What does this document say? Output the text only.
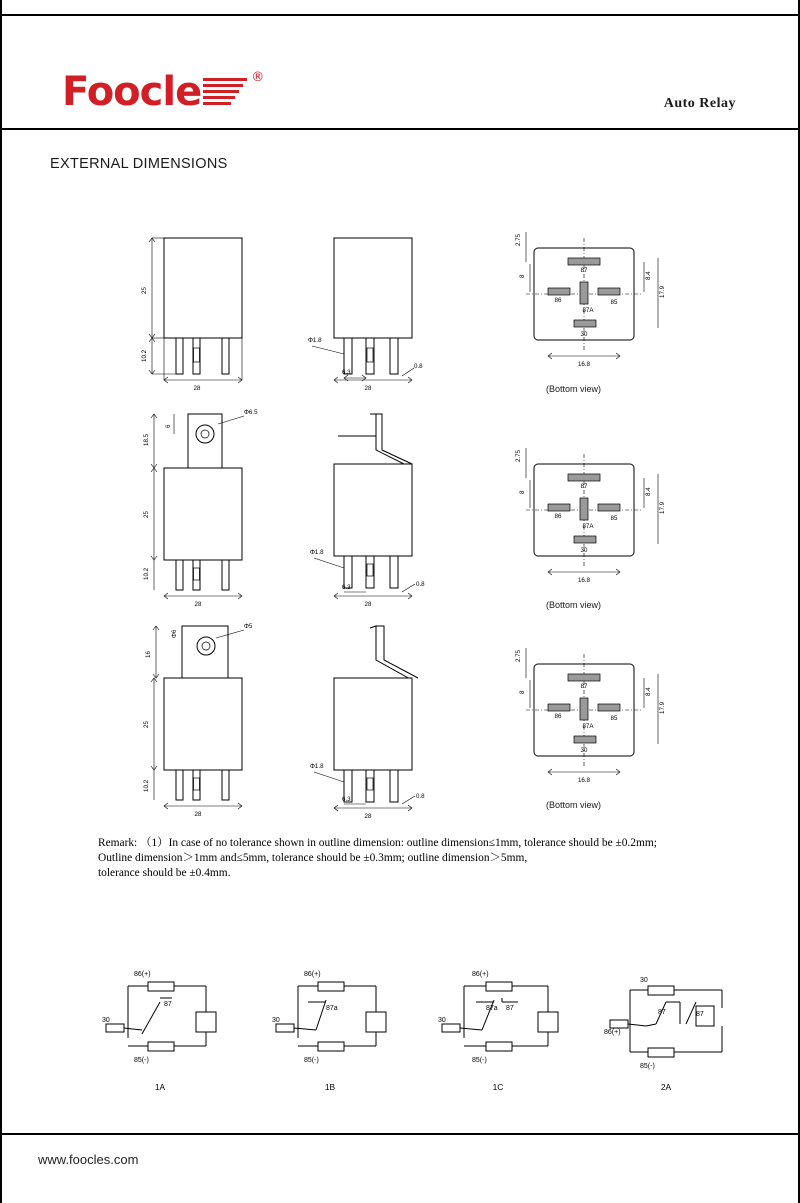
Foocle	®
Auto Relay
EXTERNAL DIMENSIONS
25
10.2
28
Φ1.8
6.3
28
0.8
87
86
87A
85
30
2.75
8	8.4
17.9
16.8
(Bottom view)
Φ6.5
6
18.5
25
10.2
28
Φ1.8
6.3
28
0.8
87
86
87A
85
30
2.75
8	8.4
17.9
16.8
(Bottom view)
Φ5
Φ6
16
25
10.2
28
Φ1.8
6.3
28
0.8
87
86
87A
85
30
2.75
8	8.4
17.9
16.8
(Bottom view)
Remark: （1）In case of no tolerance shown in outline dimension: outline dimension≤1mm, tolerance should be ±0.2mm;
Outline dimension＞1mm and≤5mm, tolerance should be ±0.3mm; outline dimension＞5mm,
tolerance should be ±0.4mm.
86(+)
87
30
85(-)
1A
86(+)
87a
30
85(-)
1B
86(+)
87a 87
30
85(-)
1C
30
87	87
86(+)
85(-)
2A
www.foocles.com
